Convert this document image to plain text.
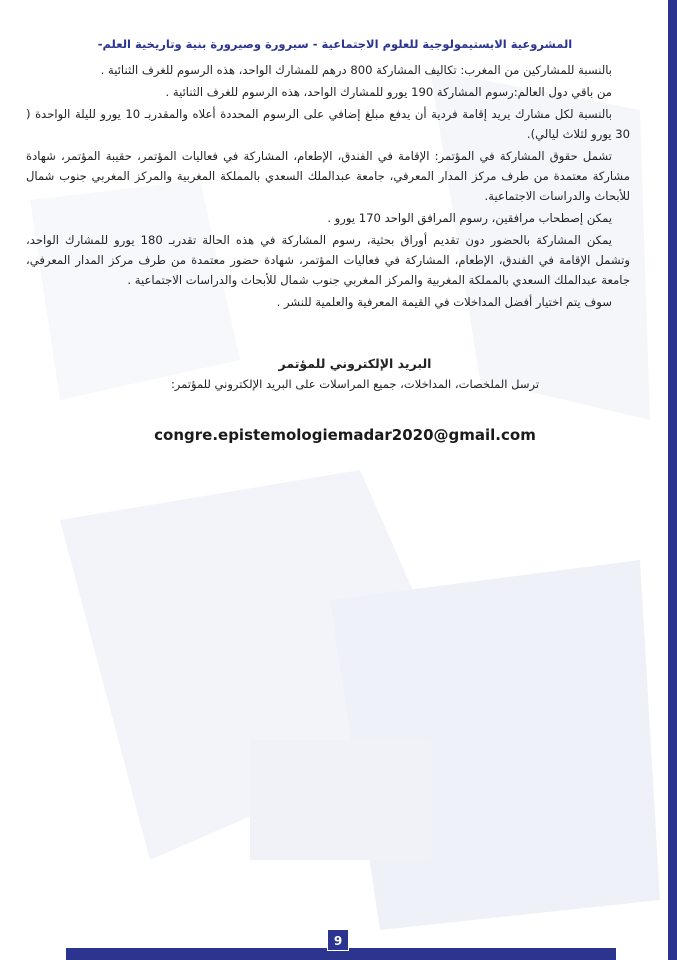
المشروعية الابستيمولوجية للعلوم الاجتماعية - سيرورة وصيرورة بنية وتاريخية العلم-

بالنسبة للمشاركين من المغرب: تكاليف المشاركة 800 درهم للمشارك الواحد، هذه الرسوم للغرف الثنائية .

من باقي دول العالم:رسوم المشاركة 190 يورو للمشارك الواحد، هذه الرسوم للغرف الثنائية .

بالنسبة لكل مشارك يريد إقامة فردية أن يدفع مبلغ إضافي على الرسوم المحددة أعلاه والمقدربـ 10 يورو لليلة الواحدة ( 30 يورو لثلاث ليالي).

تشمل حقوق المشاركة في المؤتمر: الإقامة في الفندق، الإطعام، المشاركة في فعاليات المؤتمر، حقيبة المؤتمر، شهادة مشاركة معتمدة من طرف مركز المدار المعرفي، جامعة عبدالملك السعدي بالمملكة المغربية والمركز المغربي جنوب شمال للأبحاث والدراسات الاجتماعية.

يمكن إصطحاب مرافقين، رسوم المرافق الواحد 170 يورو .

يمكن المشاركة بالحضور دون تقديم أوراق بحثية، رسوم المشاركة في هذه الحالة تقدربـ 180 يورو للمشارك الواحد، وتشمل الإقامة في الفندق، الإطعام، المشاركة في فعاليات المؤتمر، شهادة حضور معتمدة من طرف مركز المدار المعرفي، جامعة عبدالملك السعدي بالمملكة المغربية والمركز المغربي جنوب شمال للأبحاث والدراسات الاجتماعية .

سوف يتم اختيار أفضل المداخلات في القيمة المعرفية والعلمية للنشر .

البريد الإلكتروني للمؤتمر

ترسل الملخصات، المداخلات، جميع المراسلات على البريد الإلكتروني للمؤتمر:

congre.epistemologiemadar2020@gmail.com
9
